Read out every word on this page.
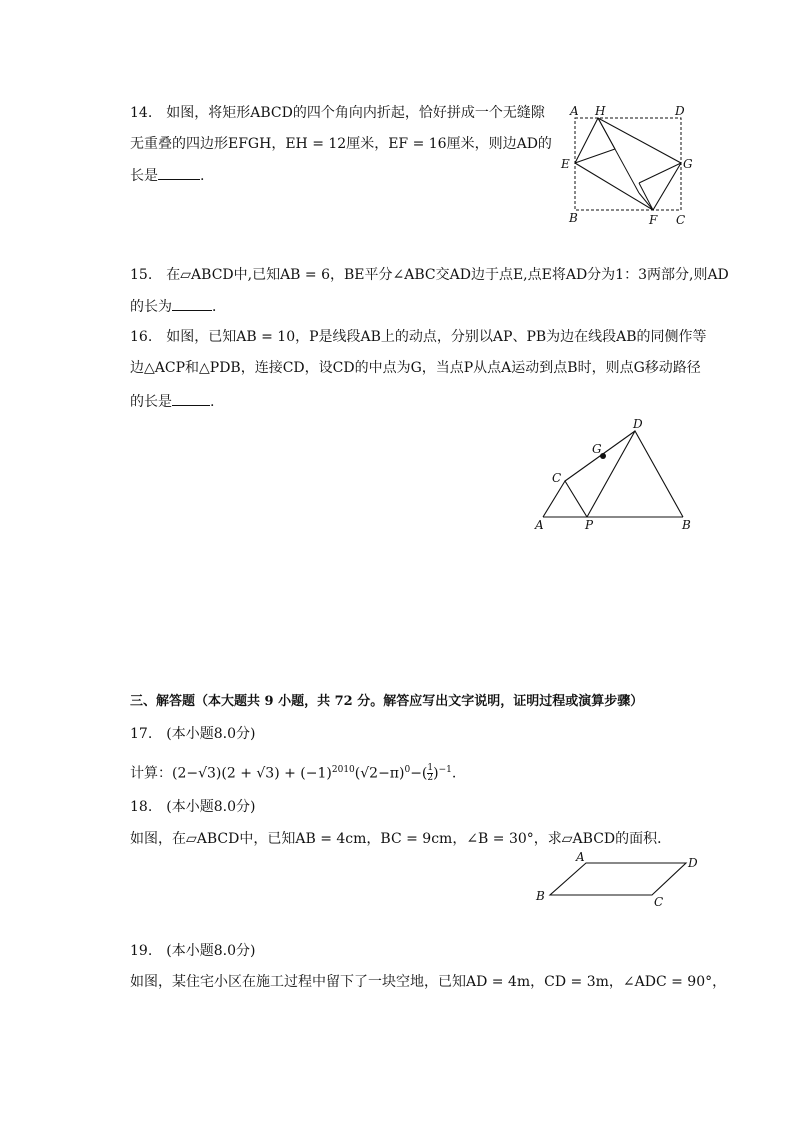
14.　如图，将矩形ABCD的四个角向内折起，恰好拼成一个无缝隙
无重叠的四边形EFGH，EH = 12厘米，EF = 16厘米，则边AD的
长是	.
A H	D
E	G
B	F C
15.　在▱ABCD中,已知AB = 6，BE平分∠ABC交AD边于点E,点E将AD分为1：3两部分,则AD
的长为	．
16.　如图，已知AB = 10，P是线段AB上的动点，分别以AP、PB为边在线段AB的同侧作等
边△ACP和△PDB，连接CD，设CD的中点为G，当点P从点A运动到点B时，则点G移动路径
的长是	.
D
G
C
A	P	B
三、解答题（本大题共 9 小题，共 72 分。解答应写出文字说明，证明过程或演算步骤）
17.　(本小题8.0分)
计算：$(2-√3)(2 + √3) + (-1)^{2010}(√2-\pi)^0-( \frac{1}{2} )^{-1}$.
18.　(本小题8.0分)
如图，在▱ABCD中，已知AB = 4cm，BC = 9cm，∠B = 30°，求▱ABCD的面积．
A	D
B	C
19.　(本小题8.0分)
如图，某住宅小区在施工过程中留下了一块空地，已知AD = 4m，CD = 3m，∠ADC = 90°，
